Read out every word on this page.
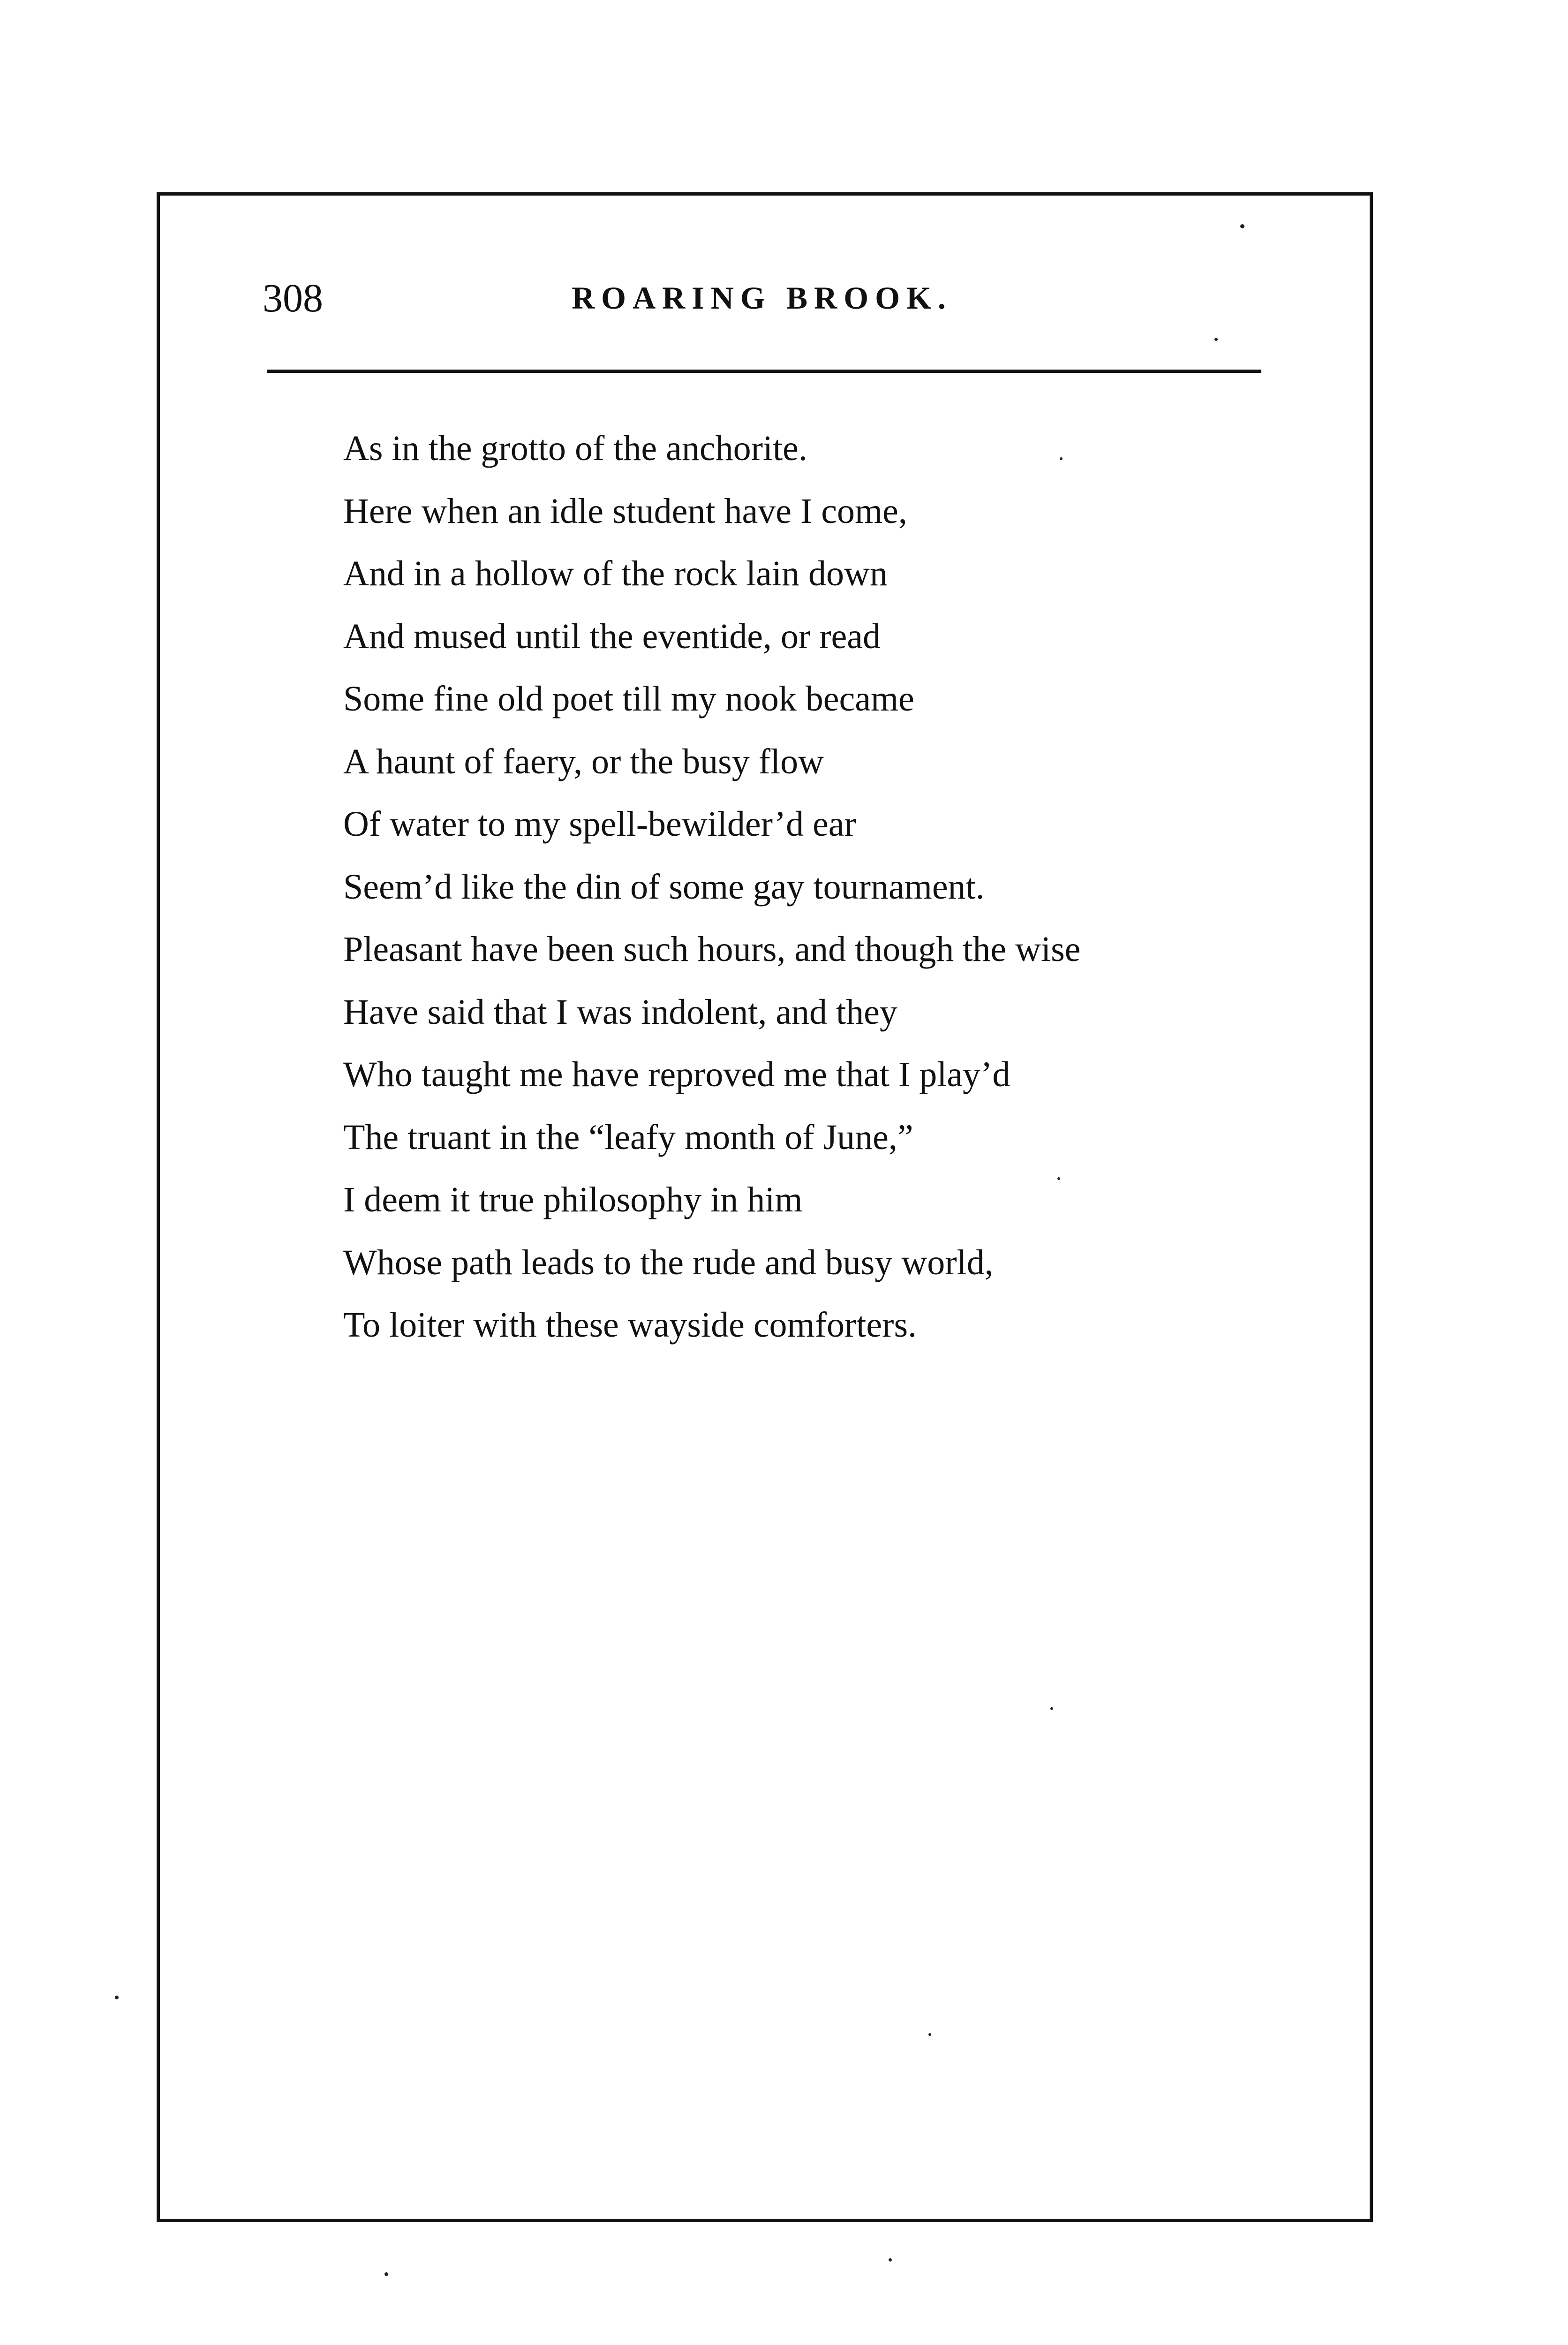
308	ROARING BROOK.
As in the grotto of the anchorite.
Here when an idle student have I come,
And in a hollow of the rock lain down
And mused until the eventide, or read
Some fine old poet till my nook became
A haunt of faery, or the busy flow
Of water to my spell-bewilder’d ear
Seem’d like the din of some gay tournament.
Pleasant have been such hours, and though the wise
Have said that I was indolent, and they
Who taught me have reproved me that I play’d
The truant in the “leafy month of June,”
I deem it true philosophy in him
Whose path leads to the rude and busy world,
To loiter with these wayside comforters.
